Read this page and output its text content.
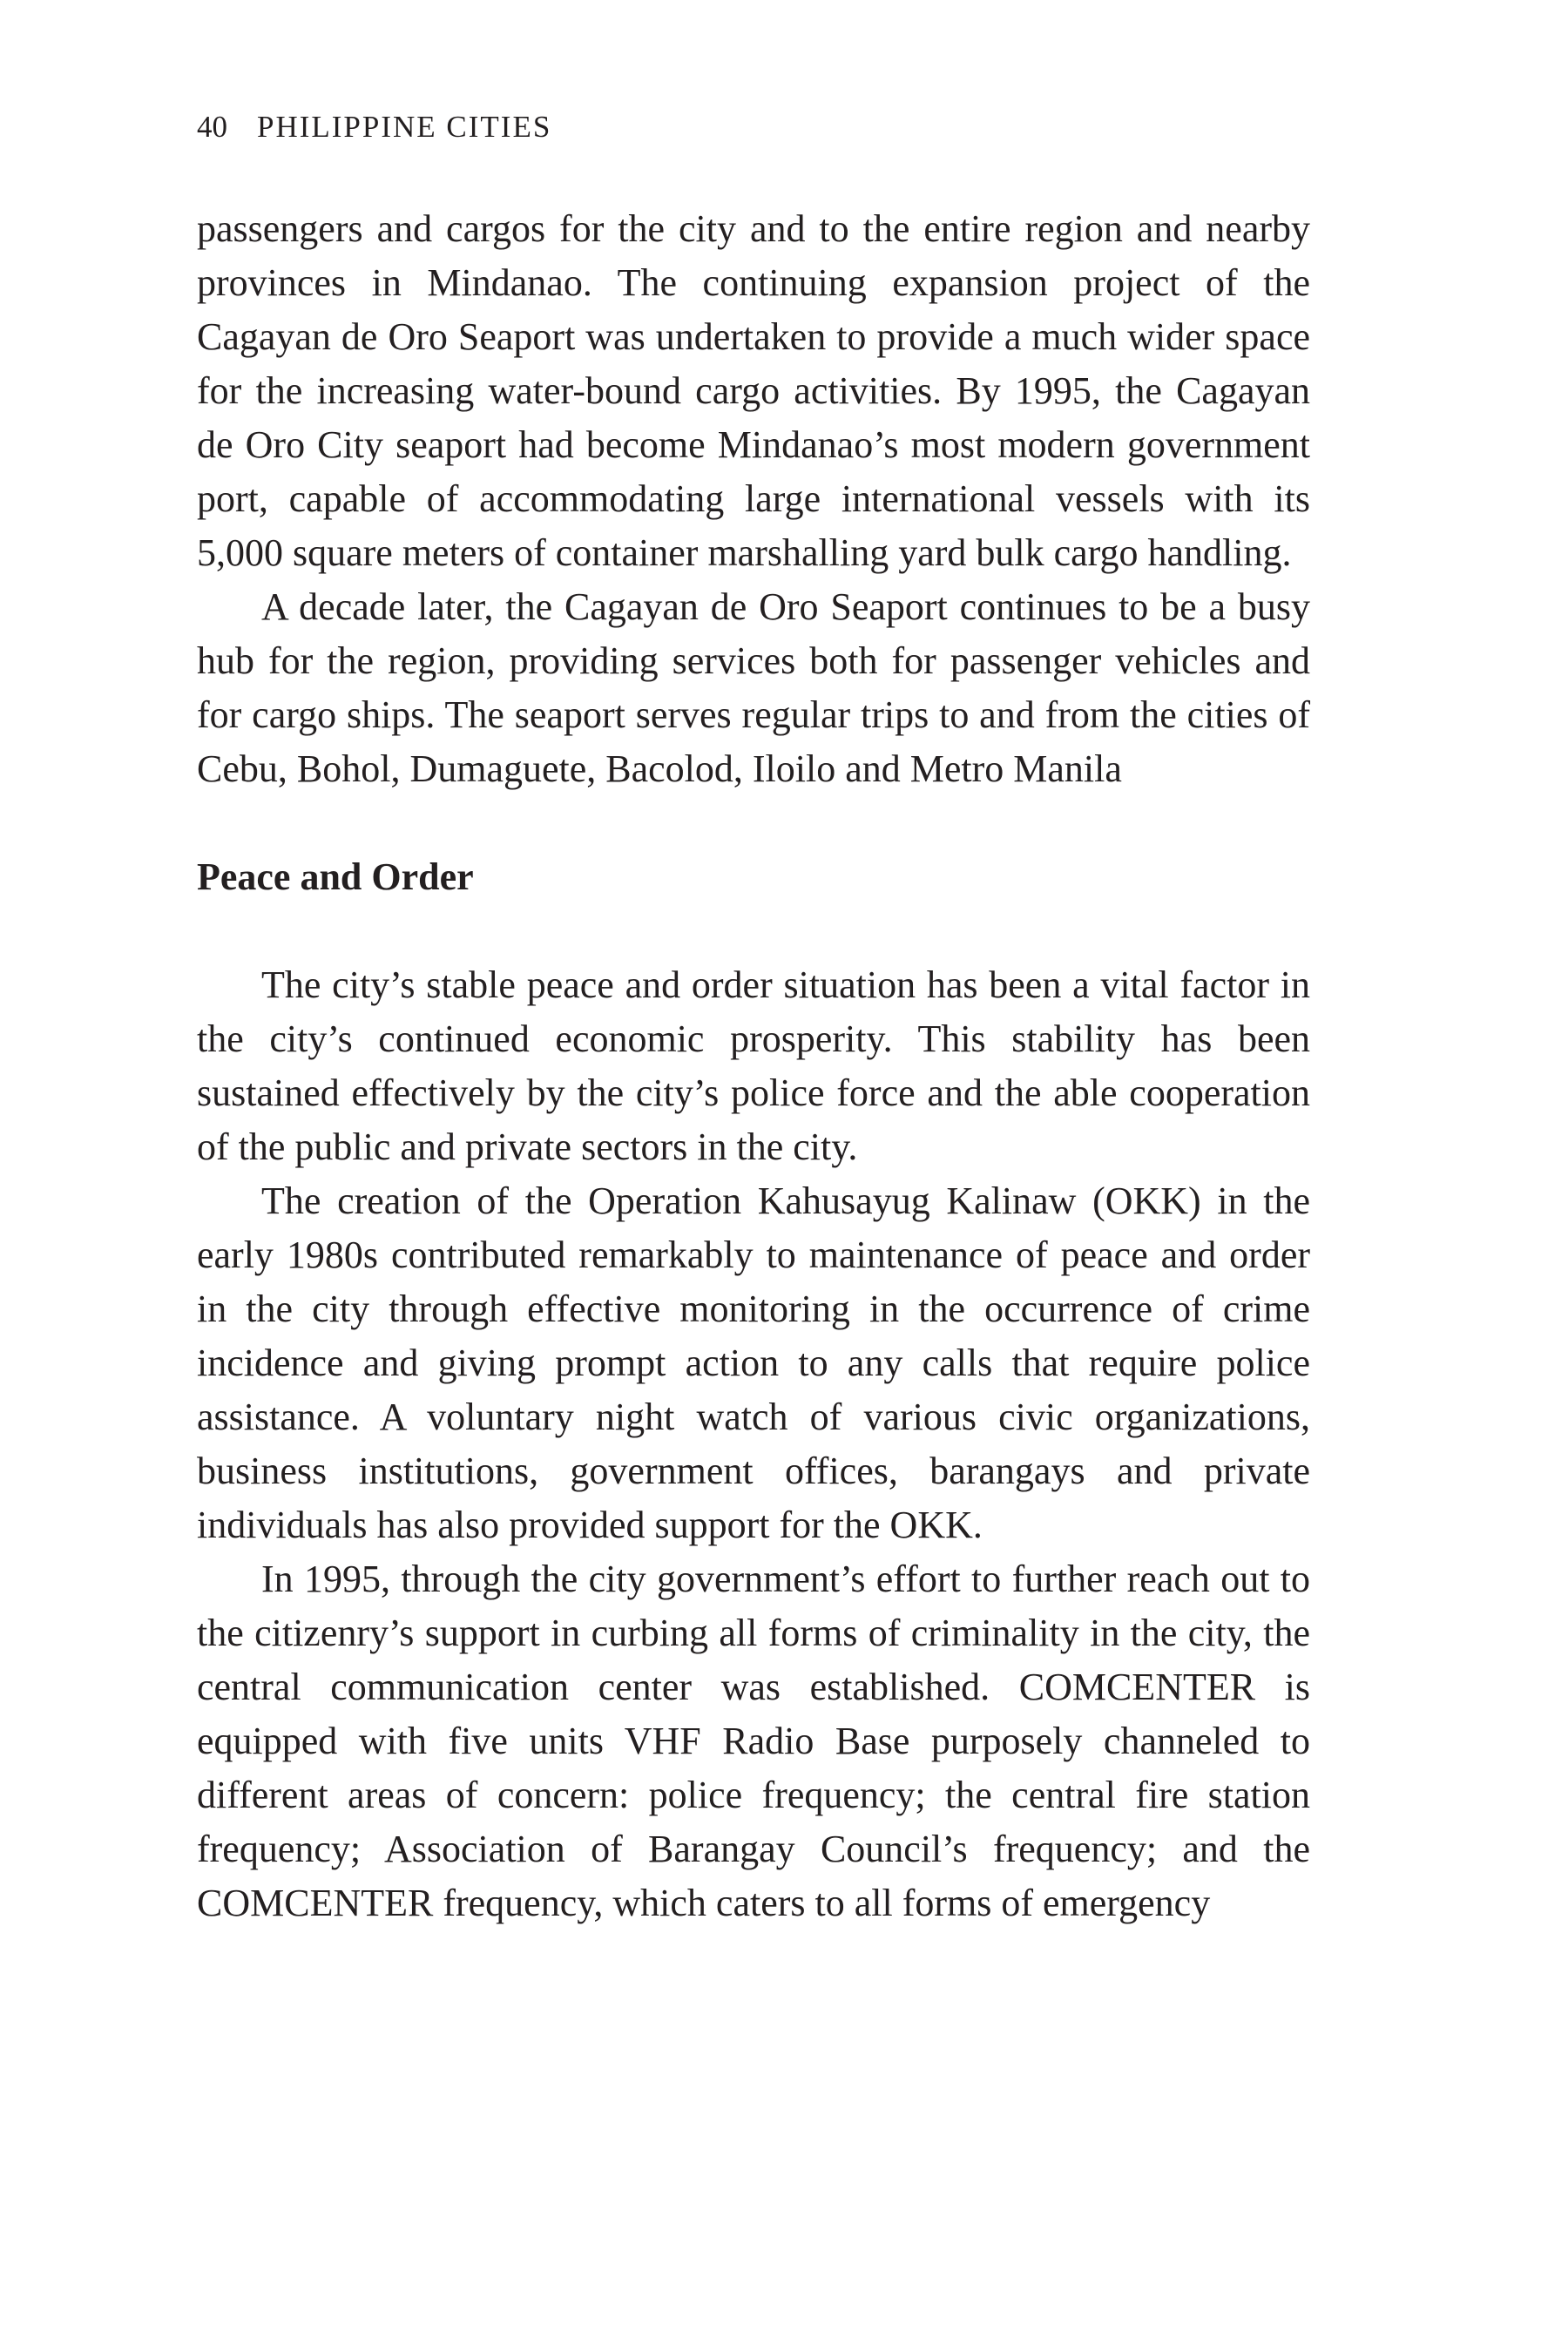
40 PHILIPPINE CITIES

passengers and cargos for the city and to the entire region and nearby provinces in Mindanao. The continuing expansion project of the Cagayan de Oro Seaport was undertaken to provide a much wider space for the increasing water-bound cargo activities. By 1995, the Cagayan de Oro City seaport had become Mindanao’s most modern government port, capable of accommodating large international vessels with its 5,000 square meters of container marshalling yard bulk cargo handling.

A decade later, the Cagayan de Oro Seaport continues to be a busy hub for the region, providing services both for passenger vehicles and for cargo ships. The seaport serves regular trips to and from the cities of Cebu, Bohol, Dumaguete, Bacolod, Iloilo and Metro Manila

Peace and Order

The city’s stable peace and order situation has been a vital factor in the city’s continued economic prosperity. This stability has been sustained effectively by the city’s police force and the able cooperation of the public and private sectors in the city.

The creation of the Operation Kahusayug Kalinaw (OKK) in the early 1980s contributed remarkably to maintenance of peace and order in the city through effective monitoring in the occurrence of crime incidence and giving prompt action to any calls that require police assistance. A voluntary night watch of various civic organizations, business institutions, government offices, barangays and private individuals has also provided support for the OKK.

In 1995, through the city government’s effort to further reach out to the citizenry’s support in curbing all forms of criminality in the city, the central communication center was established. COMCENTER is equipped with five units VHF Radio Base purposely channeled to different areas of concern: police frequency; the central fire station frequency; Association of Barangay Council’s frequency; and the COMCENTER frequency, which caters to all forms of emergency
